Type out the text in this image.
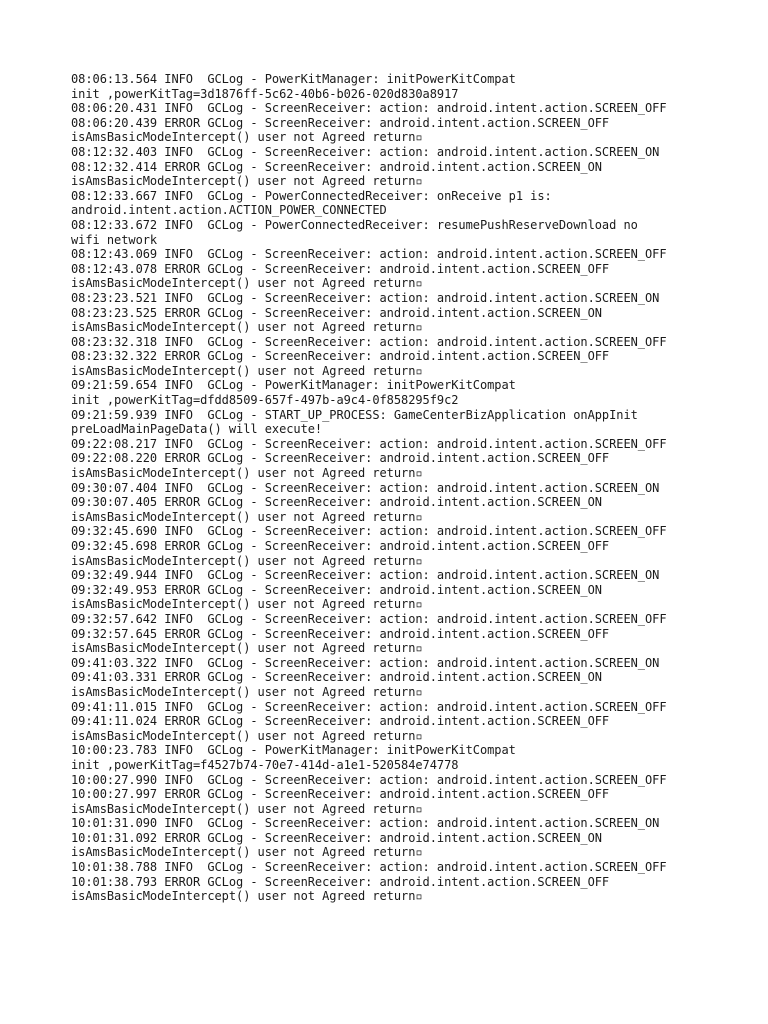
08:06:13.564 INFO  GCLog - PowerKitManager: initPowerKitCompat
init ,powerKitTag=3d1876ff-5c62-40b6-b026-020d830a8917
08:06:20.431 INFO  GCLog - ScreenReceiver: action: android.intent.action.SCREEN_OFF
08:06:20.439 ERROR GCLog - ScreenReceiver: android.intent.action.SCREEN_OFF
isAmsBasicModeIntercept() user not Agreed return▫
08:12:32.403 INFO  GCLog - ScreenReceiver: action: android.intent.action.SCREEN_ON
08:12:32.414 ERROR GCLog - ScreenReceiver: android.intent.action.SCREEN_ON
isAmsBasicModeIntercept() user not Agreed return▫
08:12:33.667 INFO  GCLog - PowerConnectedReceiver: onReceive p1 is:
android.intent.action.ACTION_POWER_CONNECTED
08:12:33.672 INFO  GCLog - PowerConnectedReceiver: resumePushReserveDownload no
wifi network
08:12:43.069 INFO  GCLog - ScreenReceiver: action: android.intent.action.SCREEN_OFF
08:12:43.078 ERROR GCLog - ScreenReceiver: android.intent.action.SCREEN_OFF
isAmsBasicModeIntercept() user not Agreed return▫
08:23:23.521 INFO  GCLog - ScreenReceiver: action: android.intent.action.SCREEN_ON
08:23:23.525 ERROR GCLog - ScreenReceiver: android.intent.action.SCREEN_ON
isAmsBasicModeIntercept() user not Agreed return▫
08:23:32.318 INFO  GCLog - ScreenReceiver: action: android.intent.action.SCREEN_OFF
08:23:32.322 ERROR GCLog - ScreenReceiver: android.intent.action.SCREEN_OFF
isAmsBasicModeIntercept() user not Agreed return▫
09:21:59.654 INFO  GCLog - PowerKitManager: initPowerKitCompat
init ,powerKitTag=dfdd8509-657f-497b-a9c4-0f858295f9c2
09:21:59.939 INFO  GCLog - START_UP_PROCESS: GameCenterBizApplication onAppInit
preLoadMainPageData() will execute!
09:22:08.217 INFO  GCLog - ScreenReceiver: action: android.intent.action.SCREEN_OFF
09:22:08.220 ERROR GCLog - ScreenReceiver: android.intent.action.SCREEN_OFF
isAmsBasicModeIntercept() user not Agreed return▫
09:30:07.404 INFO  GCLog - ScreenReceiver: action: android.intent.action.SCREEN_ON
09:30:07.405 ERROR GCLog - ScreenReceiver: android.intent.action.SCREEN_ON
isAmsBasicModeIntercept() user not Agreed return▫
09:32:45.690 INFO  GCLog - ScreenReceiver: action: android.intent.action.SCREEN_OFF
09:32:45.698 ERROR GCLog - ScreenReceiver: android.intent.action.SCREEN_OFF
isAmsBasicModeIntercept() user not Agreed return▫
09:32:49.944 INFO  GCLog - ScreenReceiver: action: android.intent.action.SCREEN_ON
09:32:49.953 ERROR GCLog - ScreenReceiver: android.intent.action.SCREEN_ON
isAmsBasicModeIntercept() user not Agreed return▫
09:32:57.642 INFO  GCLog - ScreenReceiver: action: android.intent.action.SCREEN_OFF
09:32:57.645 ERROR GCLog - ScreenReceiver: android.intent.action.SCREEN_OFF
isAmsBasicModeIntercept() user not Agreed return▫
09:41:03.322 INFO  GCLog - ScreenReceiver: action: android.intent.action.SCREEN_ON
09:41:03.331 ERROR GCLog - ScreenReceiver: android.intent.action.SCREEN_ON
isAmsBasicModeIntercept() user not Agreed return▫
09:41:11.015 INFO  GCLog - ScreenReceiver: action: android.intent.action.SCREEN_OFF
09:41:11.024 ERROR GCLog - ScreenReceiver: android.intent.action.SCREEN_OFF
isAmsBasicModeIntercept() user not Agreed return▫
10:00:23.783 INFO  GCLog - PowerKitManager: initPowerKitCompat
init ,powerKitTag=f4527b74-70e7-414d-a1e1-520584e74778
10:00:27.990 INFO  GCLog - ScreenReceiver: action: android.intent.action.SCREEN_OFF
10:00:27.997 ERROR GCLog - ScreenReceiver: android.intent.action.SCREEN_OFF
isAmsBasicModeIntercept() user not Agreed return▫
10:01:31.090 INFO  GCLog - ScreenReceiver: action: android.intent.action.SCREEN_ON
10:01:31.092 ERROR GCLog - ScreenReceiver: android.intent.action.SCREEN_ON
isAmsBasicModeIntercept() user not Agreed return▫
10:01:38.788 INFO  GCLog - ScreenReceiver: action: android.intent.action.SCREEN_OFF
10:01:38.793 ERROR GCLog - ScreenReceiver: android.intent.action.SCREEN_OFF
isAmsBasicModeIntercept() user not Agreed return▫
